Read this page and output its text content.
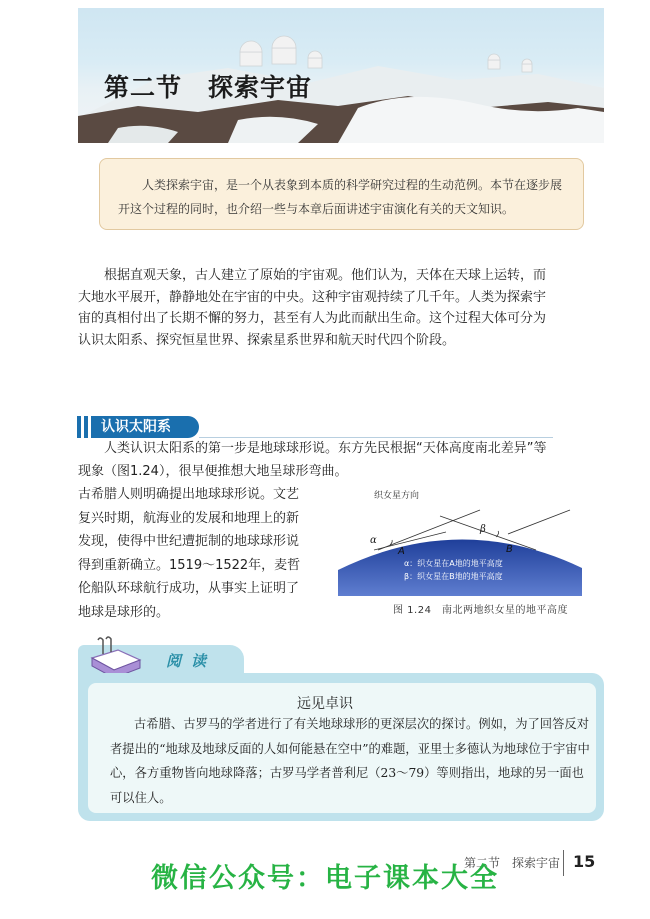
第二节　探索宇宙
人类探索宇宙，是一个从表象到本质的科学研究过程的生动范例。本节在逐步展开这个过程的同时，也介绍一些与本章后面讲述宇宙演化有关的天文知识。
根据直观天象，古人建立了原始的宇宙观。他们认为，天体在天球上运转，而大地水平展开，静静地处在宇宙的中央。这种宇宙观持续了几千年。人类为探索宇宙的真相付出了长期不懈的努力，甚至有人为此而献出生命。这个过程大体可分为认识太阳系、探究恒星世界、探索星系世界和航天时代四个阶段。
认识太阳系
人类认识太阳系的第一步是地球球形说。东方先民根据“天体高度南北差异”等现象（图1.24），很早便推想大地呈球形弯曲。
古希腊人则明确提出地球球形说。文艺复兴时期，航海业的发展和地理上的新发现，使得中世纪遭扼制的地球球形说得到重新确立。1519～1522年，麦哲伦船队环球航行成功，从事实上证明了地球是球形的。
织女星方向
α
β
A	B
α：织女星在A地的地平高度
β：织女星在B地的地平高度
图 1.24　南北两地织女星的地平高度
阅读
远见卓识
古希腊、古罗马的学者进行了有关地球球形的更深层次的探讨。例如，为了回答反对者提出的“地球及地球反面的人如何能悬在空中”的难题，亚里士多德认为地球位于宇宙中心，各方重物皆向地球降落；古罗马学者普利尼（23～79）等则指出，地球的另一面也可以住人。
第二节　探索宇宙 15
微信公众号：电子课本大全
